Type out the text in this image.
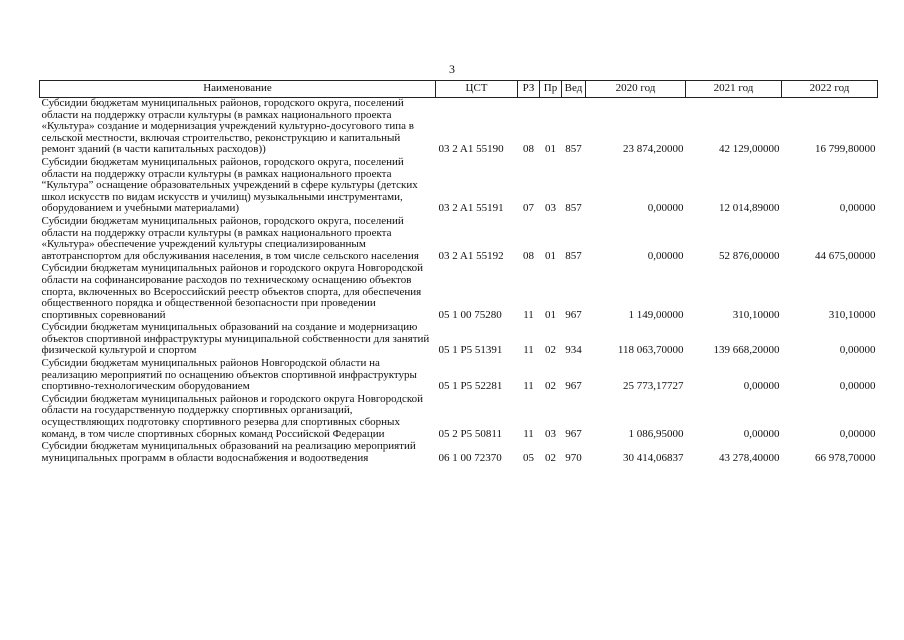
3
Наименование	ЦСТ	РЗ	Пр	Вед	2020 год	2021 год	2022 год
Субсидии бюджетам муниципальных районов, городского округа, поселений области на поддержку отрасли культуры (в рамках национального проекта «Культура» создание и модернизация учреждений культурно-досугового типа в сельской местности, включая строительство, реконструкцию и капитальный ремонт зданий (в части капитальных расходов))	03 2 A1 55190	08	01	857	23 874,20000	42 129,00000	16 799,80000
Субсидии бюджетам муниципальных районов, городского округа, поселений области на поддержку отрасли культуры (в рамках национального проекта “Культура” оснащение образовательных учреждений в сфере культуры (детских школ искусств по видам искусств и училищ) музыкальными инструментами, оборудованием и учебными материалами)	03 2 A1 55191	07	03	857	0,00000	12 014,89000	0,00000
Субсидии бюджетам муниципальных районов, городского округа, поселений области на поддержку отрасли культуры (в рамках национального проекта «Культура» обеспечение учреждений культуры специализированным автотранспортом для обслуживания населения, в том числе сельского населения	03 2 A1 55192	08	01	857	0,00000	52 876,00000	44 675,00000
Субсидии бюджетам муниципальных районов и городского округа Новгородской области на софинансирование расходов по техническому оснащению объектов спорта, включенных во Всероссийский реестр объектов спорта, для обеспечения общественного порядка и общественной безопасности при проведении спортивных соревнований	05 1 00 75280	11	01	967	1 149,00000	310,10000	310,10000
Субсидии бюджетам муниципальных образований на создание и модернизацию объектов спортивной инфраструктуры муниципальной собственности для занятий физической культурой и спортом	05 1 P5 51391	11	02	934	118 063,70000	139 668,20000	0,00000
Субсидии бюджетам муниципальных районов Новгородской области на реализацию мероприятий по оснащению объектов спортивной инфраструктуры спортивно-технологическим оборудованием	05 1 P5 52281	11	02	967	25 773,17727	0,00000	0,00000
Субсидии бюджетам муниципальных районов и городского округа Новгородской области на государственную поддержку спортивных организаций, осуществляющих подготовку спортивного резерва для спортивных сборных команд, в том числе спортивных сборных команд Российской Федерации	05 2 P5 50811	11	03	967	1 086,95000	0,00000	0,00000
Субсидии бюджетам муниципальных образований на реализацию мероприятий муниципальных программ в области водоснабжения и водоотведения	06 1 00 72370	05	02	970	30 414,06837	43 278,40000	66 978,70000
